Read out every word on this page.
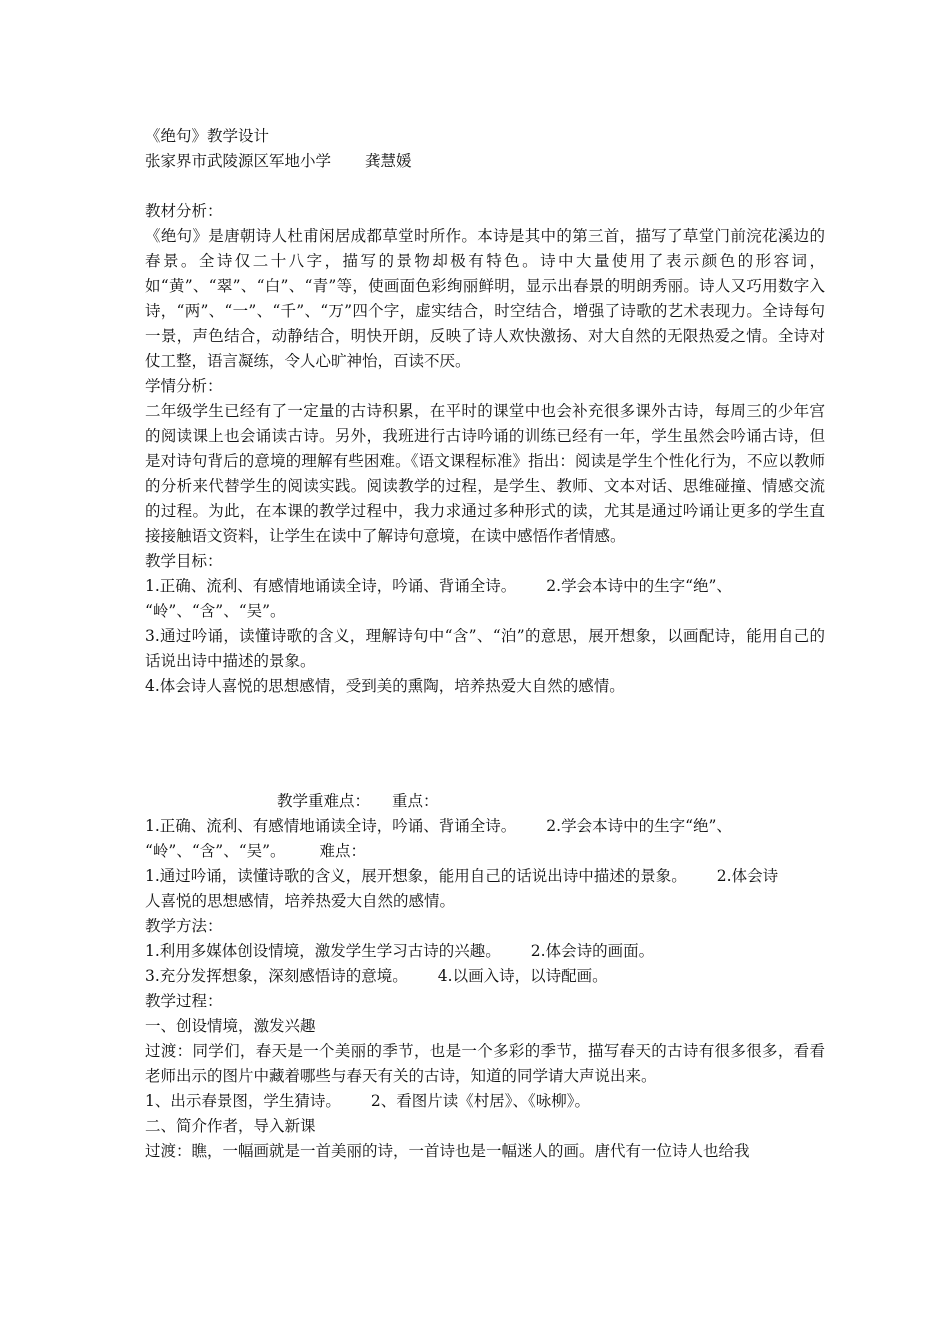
《绝句》教学设计
张家界市武陵源区军地小学 龚慧媛
教材分析：
《绝句》是唐朝诗人杜甫闲居成都草堂时所作。本诗是其中的第三首，描写了草堂门前浣花溪边的春景。全诗仅二十八字，描写的景物却极有特色。诗中大量使用了表示颜色的形容词，如“黄”、“翠”、“白”、“青”等，使画面色彩绚丽鲜明，显示出春景的明朗秀丽。诗人又巧用数字入诗，“两”、“一”、“千”、“万”四个字，虚实结合，时空结合，增强了诗歌的艺术表现力。全诗每句一景，声色结合，动静结合，明快开朗，反映了诗人欢快激扬、对大自然的无限热爱之情。全诗对仗工整，语言凝练，令人心旷神怡，百读不厌。
学情分析：
二年级学生已经有了一定量的古诗积累，在平时的课堂中也会补充很多课外古诗，每周三的少年宫的阅读课上也会诵读古诗。另外，我班进行古诗吟诵的训练已经有一年，学生虽然会吟诵古诗，但是对诗句背后的意境的理解有些困难。《语文课程标准》指出：阅读是学生个性化行为，不应以教师的分析来代替学生的阅读实践。阅读教学的过程，是学生、教师、文本对话、思维碰撞、情感交流的过程。为此，在本课的教学过程中，我力求通过多种形式的读，尤其是通过吟诵让更多的学生直接接触语文资料，让学生在读中了解诗句意境，在读中感悟作者情感。
教学目标：
1.正确、流利、有感情地诵读全诗，吟诵、背诵全诗。 2.学会本诗中的生字“绝”、
“岭”、“含”、“吴”。
3.通过吟诵，读懂诗歌的含义，理解诗句中“含”、“泊”的意思，展开想象，以画配诗，能用自己的话说出诗中描述的景象。
4.体会诗人喜悦的思想感情，受到美的熏陶，培养热爱大自然的感情。
教学重难点： 重点：
1.正确、流利、有感情地诵读全诗，吟诵、背诵全诗。 2.学会本诗中的生字“绝”、
“岭”、“含”、“吴”。 难点：
1.通过吟诵，读懂诗歌的含义，展开想象，能用自己的话说出诗中描述的景象。 2.体会诗
人喜悦的思想感情，培养热爱大自然的感情。
教学方法：
1.利用多媒体创设情境，激发学生学习古诗的兴趣。 2.体会诗的画面。
3.充分发挥想象，深刻感悟诗的意境。 4.以画入诗，以诗配画。
教学过程：
一、创设情境，激发兴趣
过渡：同学们，春天是一个美丽的季节，也是一个多彩的季节，描写春天的古诗有很多很多，看看老师出示的图片中藏着哪些与春天有关的古诗，知道的同学请大声说出来。
1、出示春景图，学生猜诗。 2、看图片读《村居》、《咏柳》。
二、简介作者，导入新课
过渡：瞧，一幅画就是一首美丽的诗，一首诗也是一幅迷人的画。唐代有一位诗人也给我
